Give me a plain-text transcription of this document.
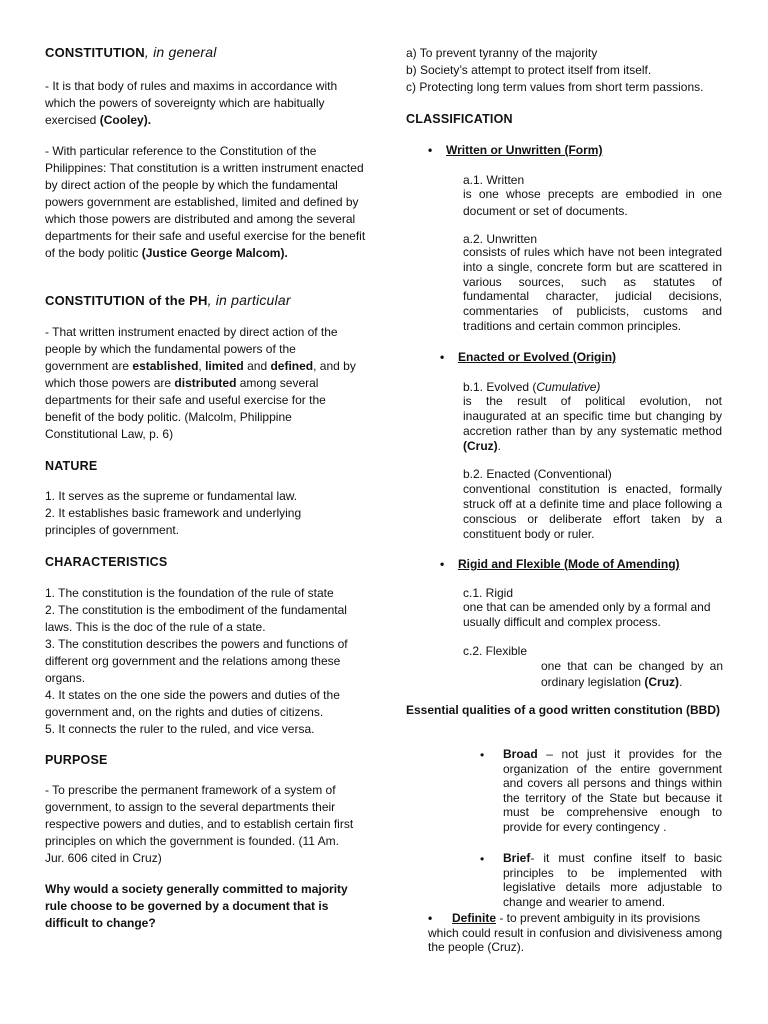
CONSTITUTION, in general

- It is that body of rules and maxims in accordance with which the powers of sovereignty which are habitually exercised (Cooley).

- With particular reference to the Constitution of the Philippines: That constitution is a written instrument enacted by direct action of the people by which the fundamental powers government are established, limited and defined by which those powers are distributed and among the several departments for their safe and useful exercise for the benefit of the body politic (Justice George Malcom).

CONSTITUTION of the PH, in particular

- That written instrument enacted by direct action of the people by which the fundamental powers of the government are established, limited and defined, and by which those powers are distributed among several departments for their safe and useful exercise for the benefit of the body politic. (Malcolm, Philippine Constitutional Law, p. 6)

NATURE

1. It serves as the supreme or fundamental law.

2. It establishes basic framework and underlying principles of government.

CHARACTERISTICS

1. The constitution is the foundation of the rule of state

2. The constitution is the embodiment of the fundamental laws. This is the doc of the rule of a state.

3. The constitution describes the powers and functions of different org government and the relations among these organs.

4. It states on the one side the powers and duties of the government and, on the rights and duties of citizens.

5. It connects the ruler to the ruled, and vice versa.

PURPOSE

- To prescribe the permanent framework of a system of government, to assign to the several departments their respective powers and duties, and to establish certain first principles on which the government is founded. (11 Am. Jur. 606 cited in Cruz)

Why would a society generally committed to majority rule choose to be governed by a document that is difficult to change?

a) To prevent tyranny of the majority

b) Society’s attempt to protect itself from itself.

c) Protecting long term values from short term passions.

CLASSIFICATION

• Written or Unwritten (Form)

a.1. Written

is one whose precepts are embodied in one document or set of documents.

a.2. Unwritten

consists of rules which have not been integrated into a single, concrete form but are scattered in various sources, such as statutes of fundamental character, judicial decisions, commentaries of publicists, customs and traditions and certain common principles.

• Enacted or Evolved (Origin)

b.1. Evolved (Cumulative)

is the result of political evolution, not inaugurated at an specific time but changing by accretion rather than by any systematic method (Cruz).

b.2. Enacted (Conventional)

conventional constitution is enacted, formally struck off at a definite time and place following a conscious or deliberate effort taken by a constituent body or ruler.

• Rigid and Flexible (Mode of Amending)

c.1. Rigid

one that can be amended only by a formal and usually difficult and complex process.

c.2. Flexible

one that can be changed by an ordinary legislation (Cruz).

Essential qualities of a good written constitution (BBD)

•	Broad – not just it provides for the organization of the entire government and covers all persons and things within the territory of the State but because it must be comprehensive enough to provide for every contingency .

•	Brief- it must confine itself to basic principles to be implemented with legislative details more adjustable to change and wearier to amend.

• Definite - to prevent ambiguity in its provisions which could result in confusion and divisiveness among the people (Cruz).
